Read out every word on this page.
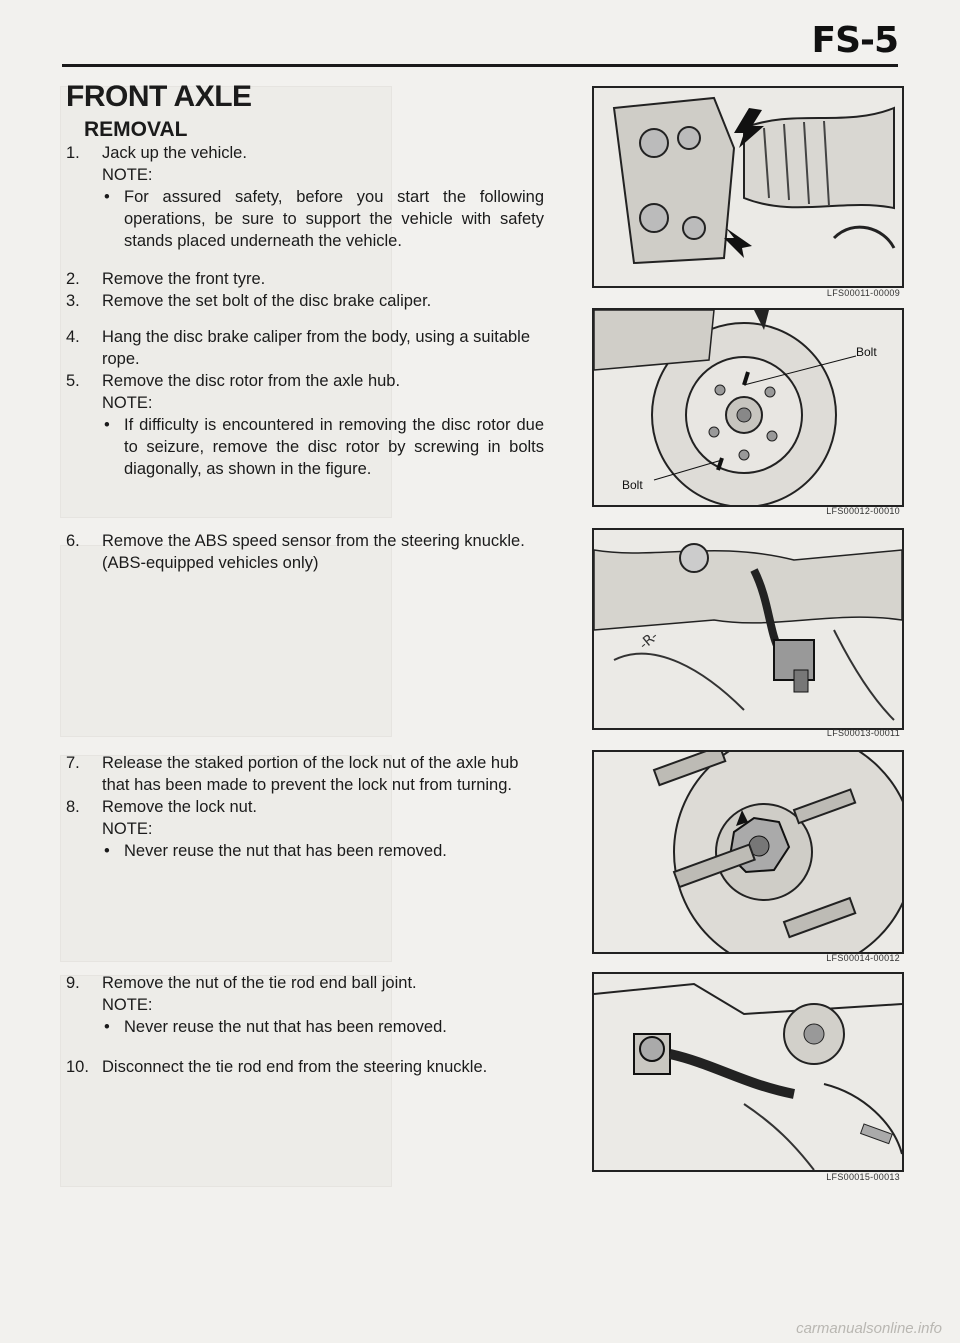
FS-5
FRONT AXLE
REMOVAL
1. Jack up the vehicle.
NOTE:
• For assured safety, before you start the following operations, be sure to support the vehicle with safety stands placed underneath the vehicle.
2. Remove the front tyre.
3. Remove the set bolt of the disc brake caliper.
4. Hang the disc brake caliper from the body, using a suitable rope.
5. Remove the disc rotor from the axle hub.
NOTE:
• If difficulty is encountered in removing the disc rotor due to seizure, remove the disc rotor by screwing in bolts diagonally, as shown in the figure.
6. Remove the ABS speed sensor from the steering knuckle. (ABS-equipped vehicles only)
7. Release the staked portion of the lock nut of the axle hub that has been made to prevent the lock nut from turning.
8. Remove the lock nut.
NOTE:
• Never reuse the nut that has been removed.
9. Remove the nut of the tie rod end ball joint.
NOTE:
• Never reuse the nut that has been removed.
10. Disconnect the tie rod end from the steering knuckle.
LFS00011-00009
Bolt
Bolt
LFS00012-00010
-R-
LFS00013-00011
LFS00014-00012
LFS00015-00013
carmanualsonline.info
